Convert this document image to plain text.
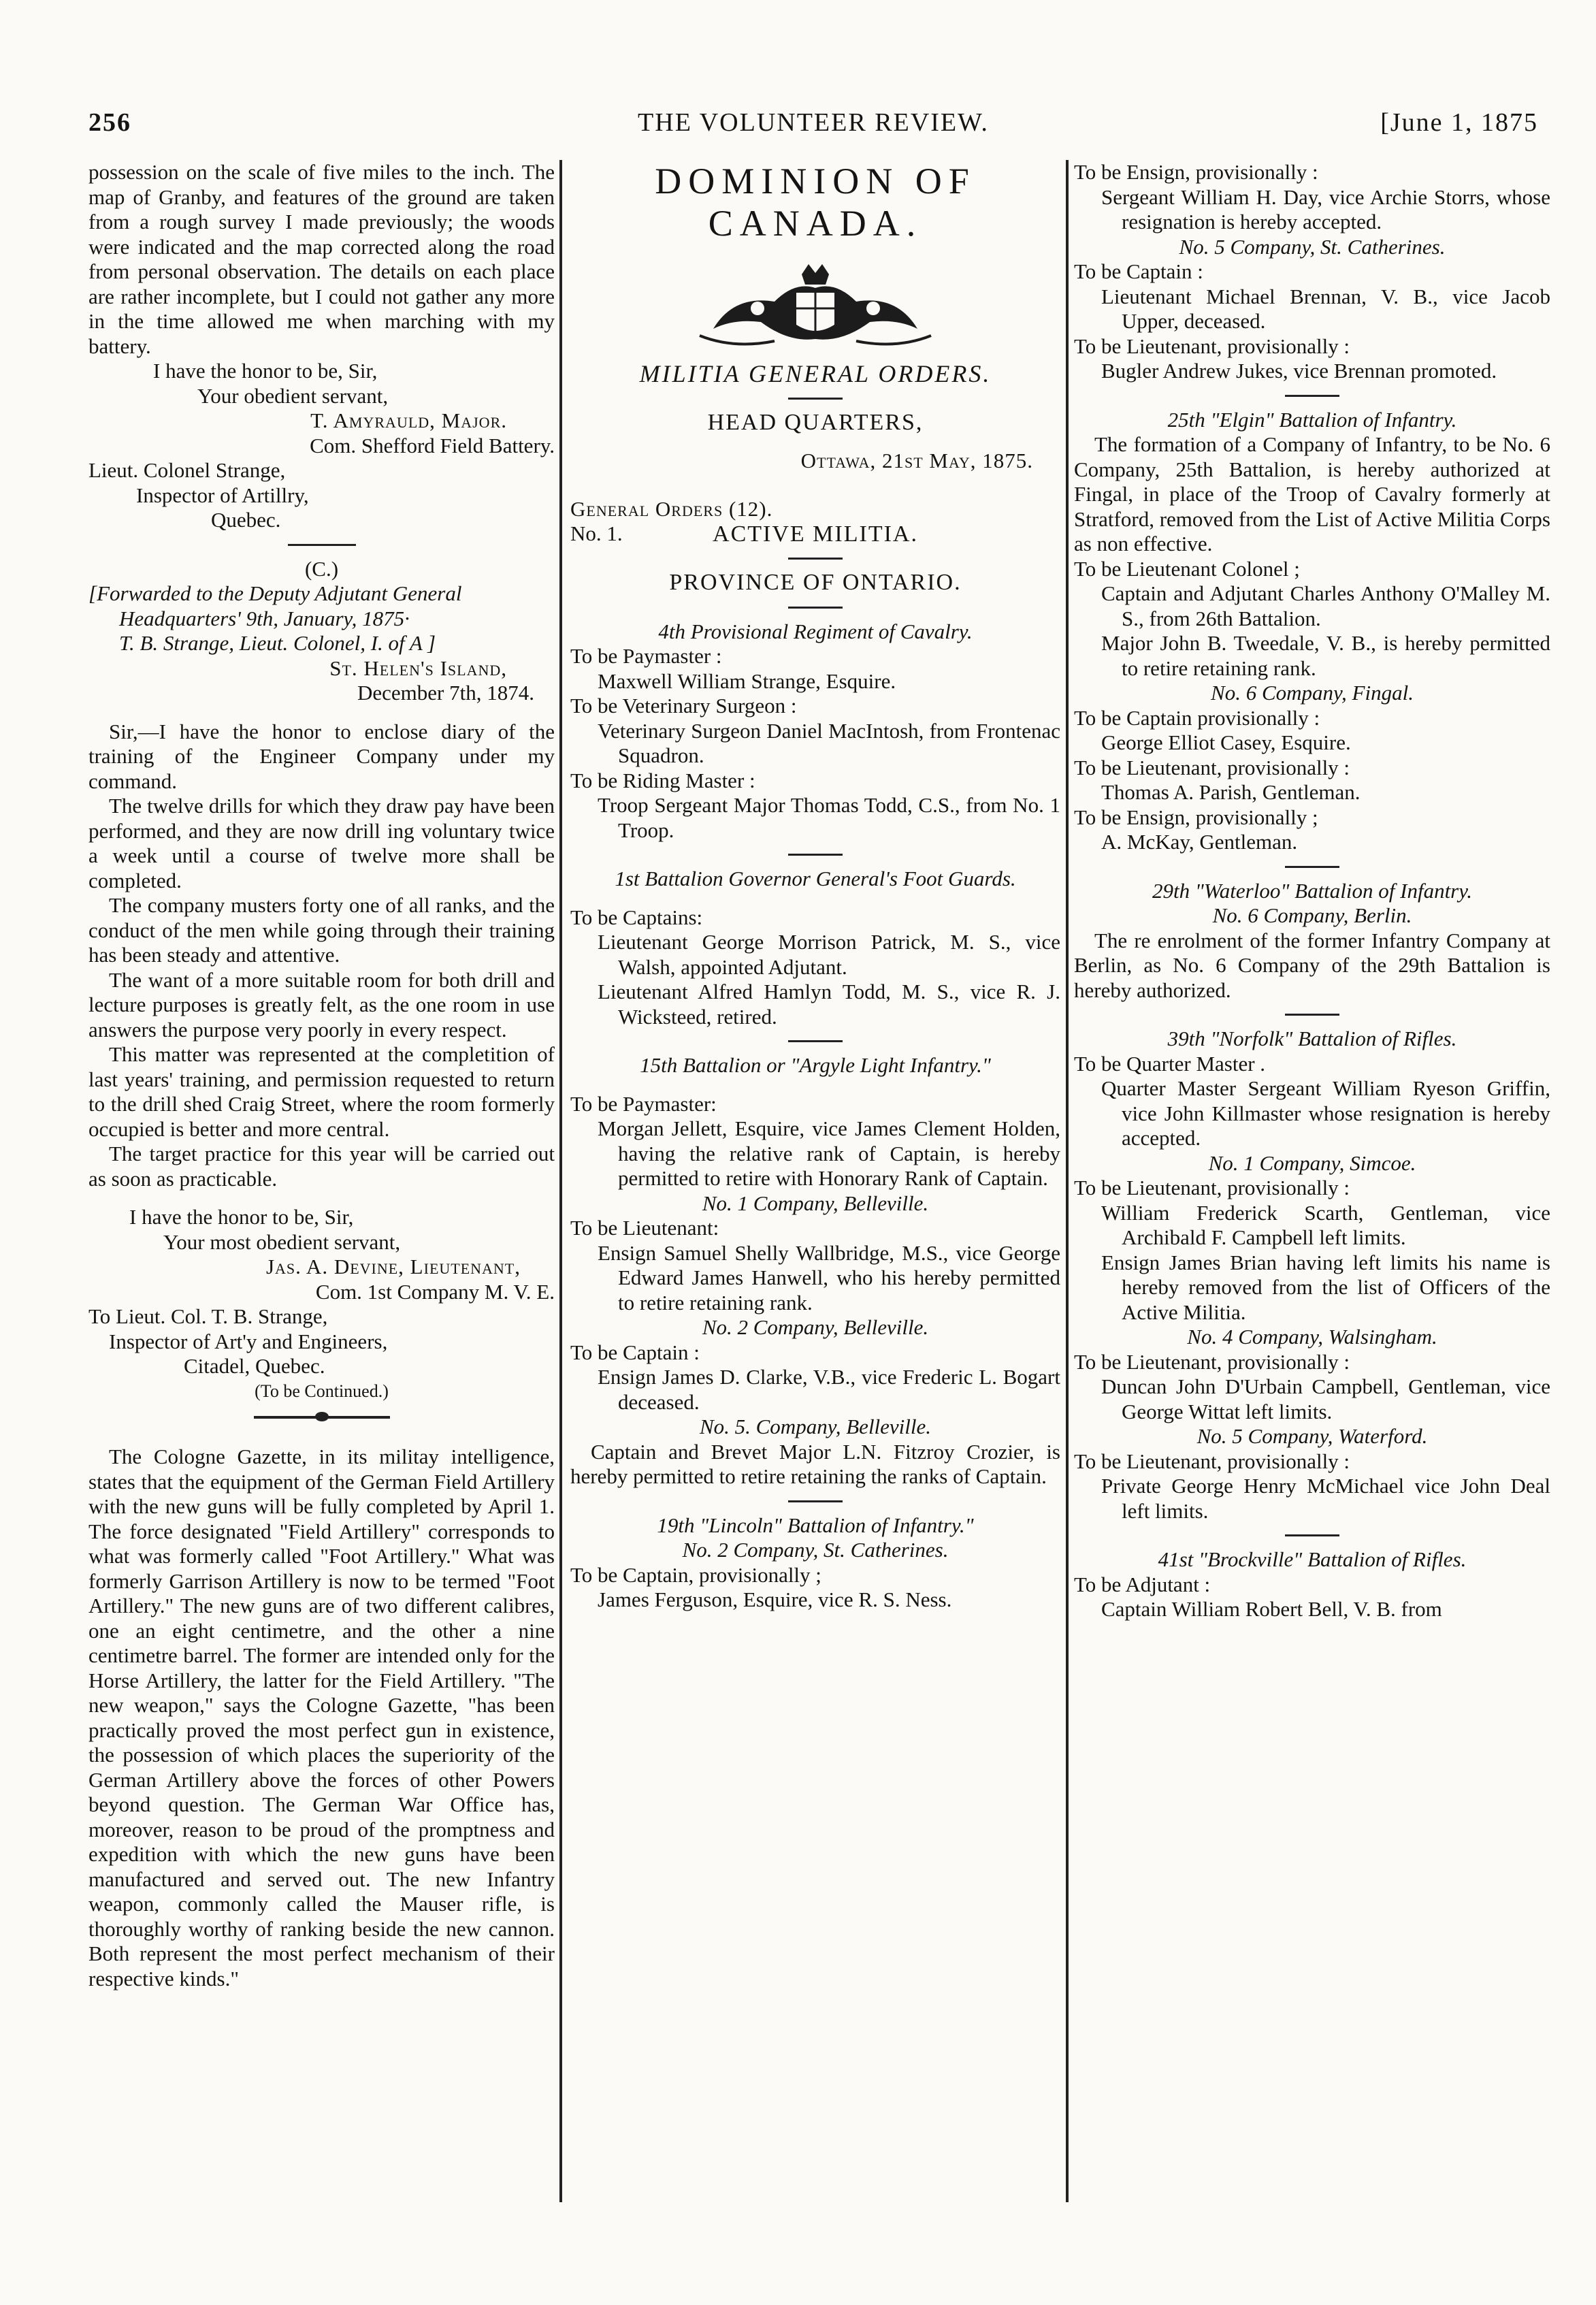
256	THE VOLUNTEER REVIEW.	[June 1, 1875

possession on the scale of five miles to the inch. The map of Granby, and features of the ground are taken from a rough survey I made previously; the woods were indicated and the map corrected along the road from personal observation. The details on each place are rather incomplete, but I could not gather any more in the time allowed me when marching with my battery.

I have the honor to be, Sir,

Your obedient servant,

T. Amyrauld, Major.

Com. Shefford Field Battery.

Lieut. Colonel Strange,

Inspector of Artillry,

Quebec.

(C.)

[Forwarded to the Deputy Adjutant General

Headquarters' 9th, January, 1875·

T. B. Strange, Lieut. Colonel, I. of A ]

St. Helen's Island,

December 7th, 1874.

Sir,—I have the honor to enclose diary of the training of the Engineer Company under my command.

The twelve drills for which they draw pay have been performed, and they are now drill ing voluntary twice a week until a course of twelve more shall be completed.

The company musters forty one of all ranks, and the conduct of the men while going through their training has been steady and attentive.

The want of a more suitable room for both drill and lecture purposes is greatly felt, as the one room in use answers the purpose very poorly in every respect.

This matter was represented at the completition of last years' training, and permission requested to return to the drill shed Craig Street, where the room formerly occupied is better and more central.

The target practice for this year will be carried out as soon as practicable.

I have the honor to be, Sir,

Your most obedient servant,

Jas. A. Devine, Lieutenant,

Com. 1st Company M. V. E.

To Lieut. Col. T. B. Strange,

Inspector of Art'y and Engineers,

Citadel, Quebec.

(To be Continued.)

The Cologne Gazette, in its militay intelligence, states that the equipment of the German Field Artillery with the new guns will be fully completed by April 1. The force designated "Field Artillery" corresponds to what was formerly called "Foot Artillery." What was formerly Garrison Artillery is now to be termed "Foot Artillery." The new guns are of two different calibres, one an eight centimetre, and the other a nine centimetre barrel. The former are intended only for the Horse Artillery, the latter for the Field Artillery. "The new weapon," says the Cologne Gazette, "has been practically proved the most perfect gun in existence, the possession of which places the superiority of the German Artillery above the forces of other Powers beyond question. The German War Office has, moreover, reason to be proud of the promptness and expedition with which the new guns have been manufactured and served out. The new Infantry weapon, commonly called the Mauser rifle, is thoroughly worthy of ranking beside the new cannon. Both represent the most perfect mechanism of their respective kinds."

DOMINION OF CANADA.

MILITIA GENERAL ORDERS.

HEAD QUARTERS,

Ottawa, 21st May, 1875.

General Orders (12).

No. 1.	ACTIVE MILITIA.

PROVINCE OF ONTARIO.

4th Provisional Regiment of Cavalry.

To be Paymaster :

Maxwell William Strange, Esquire.

To be Veterinary Surgeon :

Veterinary Surgeon Daniel MacIntosh, from Frontenac Squadron.

To be Riding Master :

Troop Sergeant Major Thomas Todd, C.S., from No. 1 Troop.

1st Battalion Governor General's Foot Guards.

To be Captains:

Lieutenant George Morrison Patrick, M. S., vice Walsh, appointed Adjutant.

Lieutenant Alfred Hamlyn Todd, M. S., vice R. J. Wicksteed, retired.

15th Battalion or "Argyle Light Infantry."

To be Paymaster:

Morgan Jellett, Esquire, vice James Clement Holden, having the relative rank of Captain, is hereby permitted to retire with Honorary Rank of Captain.

No. 1 Company, Belleville.

To be Lieutenant:

Ensign Samuel Shelly Wallbridge, M.S., vice George Edward James Hanwell, who his hereby permitted to retire retaining rank.

No. 2 Company, Belleville.

To be Captain :

Ensign James D. Clarke, V.B., vice Frederic L. Bogart deceased.

No. 5. Company, Belleville.

Captain and Brevet Major L.N. Fitzroy Crozier, is hereby permitted to retire retaining the ranks of Captain.

19th "Lincoln" Battalion of Infantry."

No. 2 Company, St. Catherines.

To be Captain, provisionally ;

James Ferguson, Esquire, vice R. S. Ness.

To be Ensign, provisionally :

Sergeant William H. Day, vice Archie Storrs, whose resignation is hereby accepted.

No. 5 Company, St. Catherines.

To be Captain :

Lieutenant Michael Brennan, V. B., vice Jacob Upper, deceased.

To be Lieutenant, provisionally :

Bugler Andrew Jukes, vice Brennan promoted.

25th "Elgin" Battalion of Infantry.

The formation of a Company of Infantry, to be No. 6 Company, 25th Battalion, is hereby authorized at Fingal, in place of the Troop of Cavalry formerly at Stratford, removed from the List of Active Militia Corps as non effective.

To be Lieutenant Colonel ;

Captain and Adjutant Charles Anthony O'Malley M. S., from 26th Battalion.

Major John B. Tweedale, V. B., is hereby permitted to retire retaining rank.

No. 6 Company, Fingal.

To be Captain provisionally :

George Elliot Casey, Esquire.

To be Lieutenant, provisionally :

Thomas A. Parish, Gentleman.

To be Ensign, provisionally ;

A. McKay, Gentleman.

29th "Waterloo" Battalion of Infantry.

No. 6 Company, Berlin.

The re enrolment of the former Infantry Company at Berlin, as No. 6 Company of the 29th Battalion is hereby authorized.

39th "Norfolk" Battalion of Rifles.

To be Quarter Master .

Quarter Master Sergeant William Ryeson Griffin, vice John Killmaster whose resignation is hereby accepted.

No. 1 Company, Simcoe.

To be Lieutenant, provisionally :

William Frederick Scarth, Gentleman, vice Archibald F. Campbell left limits.

Ensign James Brian having left limits his name is hereby removed from the list of Officers of the Active Militia.

No. 4 Company, Walsingham.

To be Lieutenant, provisionally :

Duncan John D'Urbain Campbell, Gentleman, vice George Wittat left limits.

No. 5 Company, Waterford.

To be Lieutenant, provisionally :

Private George Henry McMichael vice John Deal left limits.

41st "Brockville" Battalion of Rifles.

To be Adjutant :

Captain William Robert Bell, V. B. from
